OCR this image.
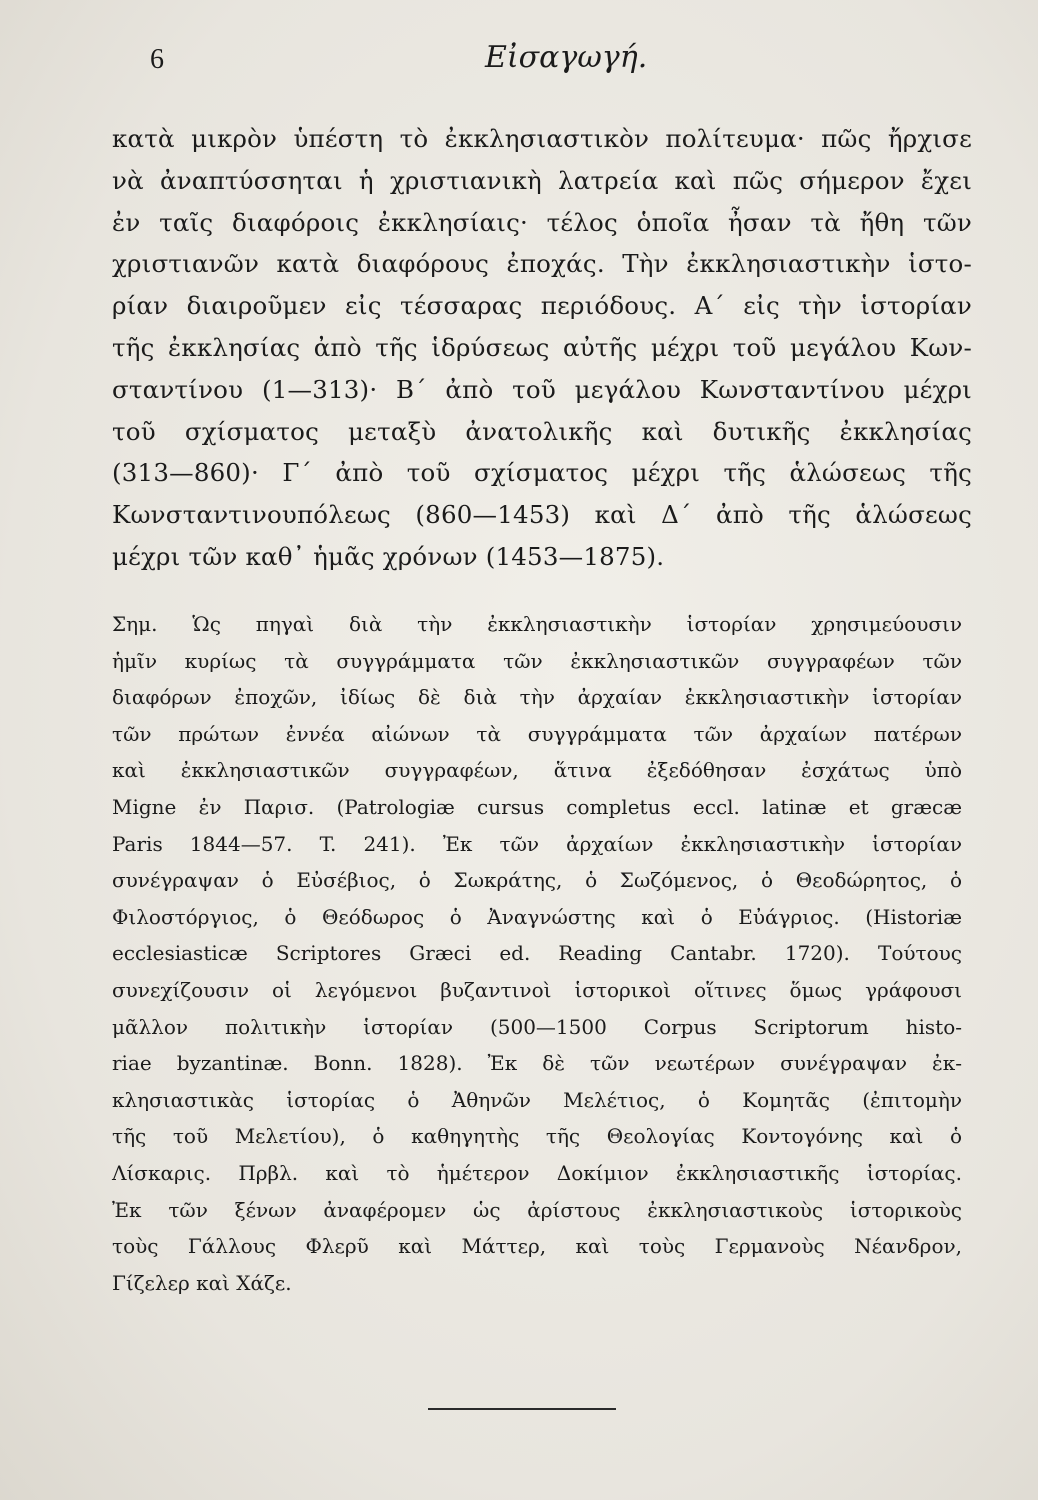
6	Εἰσαγωγή.
κατὰ μικρὸν ὑπέστη τὸ ἐκκλησιαστικὸν πολίτευμα· πῶς ἤρχισε
νὰ ἀναπτύσσηται ἡ χριστιανικὴ λατρεία καὶ πῶς σήμερον ἔχει
ἐν ταῖς διαφόροις ἐκκλησίαις· τέλος ὁποῖα ἦσαν τὰ ἤθη τῶν
χριστιανῶν κατὰ διαφόρους ἐποχάς. Τὴν ἐκκλησιαστικὴν ἱστο-
ρίαν διαιροῦμεν εἰς τέσσαρας περιόδους. Α΄ εἰς τὴν ἱστορίαν
τῆς ἐκκλησίας ἀπὸ τῆς ἱδρύσεως αὐτῆς μέχρι τοῦ μεγάλου Κων-
σταντίνου (1—313)· Β΄ ἀπὸ τοῦ μεγάλου Κωνσταντίνου μέχρι
τοῦ σχίσματος μεταξὺ ἀνατολικῆς καὶ δυτικῆς ἐκκλησίας
(313—860)· Γ΄ ἀπὸ τοῦ σχίσματος μέχρι τῆς ἁλώσεως τῆς
Κωνσταντινουπόλεως (860—1453) καὶ Δ΄ ἀπὸ τῆς ἁλώσεως
μέχρι τῶν καθ᾽ ἡμᾶς χρόνων (1453—1875).
Σημ. Ὡς πηγαὶ διὰ τὴν ἐκκλησιαστικὴν ἱστορίαν χρησιμεύουσιν
ἡμῖν κυρίως τὰ συγγράμματα τῶν ἐκκλησιαστικῶν συγγραφέων τῶν
διαφόρων ἐποχῶν, ἰδίως δὲ διὰ τὴν ἀρχαίαν ἐκκλησιαστικὴν ἱστορίαν
τῶν πρώτων ἐννέα αἰώνων τὰ συγγράμματα τῶν ἀρχαίων πατέρων
καὶ ἐκκλησιαστικῶν συγγραφέων, ἅτινα ἐξεδόθησαν ἐσχάτως ὑπὸ
Migne ἐν Παρισ. (Patrologiæ cursus completus eccl. latinæ et græcæ
Paris 1844—57. T. 241). Ἐκ τῶν ἀρχαίων ἐκκλησιαστικὴν ἱστορίαν
συνέγραψαν ὁ Εὐσέβιος, ὁ Σωκράτης, ὁ Σωζόμενος, ὁ Θεοδώρητος, ὁ
Φιλοστόργιος, ὁ Θεόδωρος ὁ Ἀναγνώστης καὶ ὁ Εὐάγριος. (Historiæ
ecclesiasticæ Scriptores Græci ed. Reading Cantabr. 1720). Τούτους
συνεχίζουσιν οἱ λεγόμενοι βυζαντινοὶ ἱστορικοὶ οἵτινες ὅμως γράφουσι
μᾶλλον πολιτικὴν ἱστορίαν (500—1500 Corpus Scriptorum histo-
riae byzantinæ. Bonn. 1828). Ἐκ δὲ τῶν νεωτέρων συνέγραψαν ἐκ-
κλησιαστικὰς ἱστορίας ὁ Ἀθηνῶν Μελέτιος, ὁ Κομητᾶς (ἐπιτομὴν
τῆς τοῦ Μελετίου), ὁ καθηγητὴς τῆς Θεολογίας Κοντογόνης καὶ ὁ
Λίσκαρις. Πρβλ. καὶ τὸ ἡμέτερον Δοκίμιον ἐκκλησιαστικῆς ἱστορίας.
Ἐκ τῶν ξένων ἀναφέρομεν ὡς ἀρίστους ἐκκλησιαστικοὺς ἱστορικοὺς
τοὺς Γάλλους Φλερῦ καὶ Μάττερ, καὶ τοὺς Γερμανοὺς Νέανδρον,
Γίζελερ καὶ Χάζε.
